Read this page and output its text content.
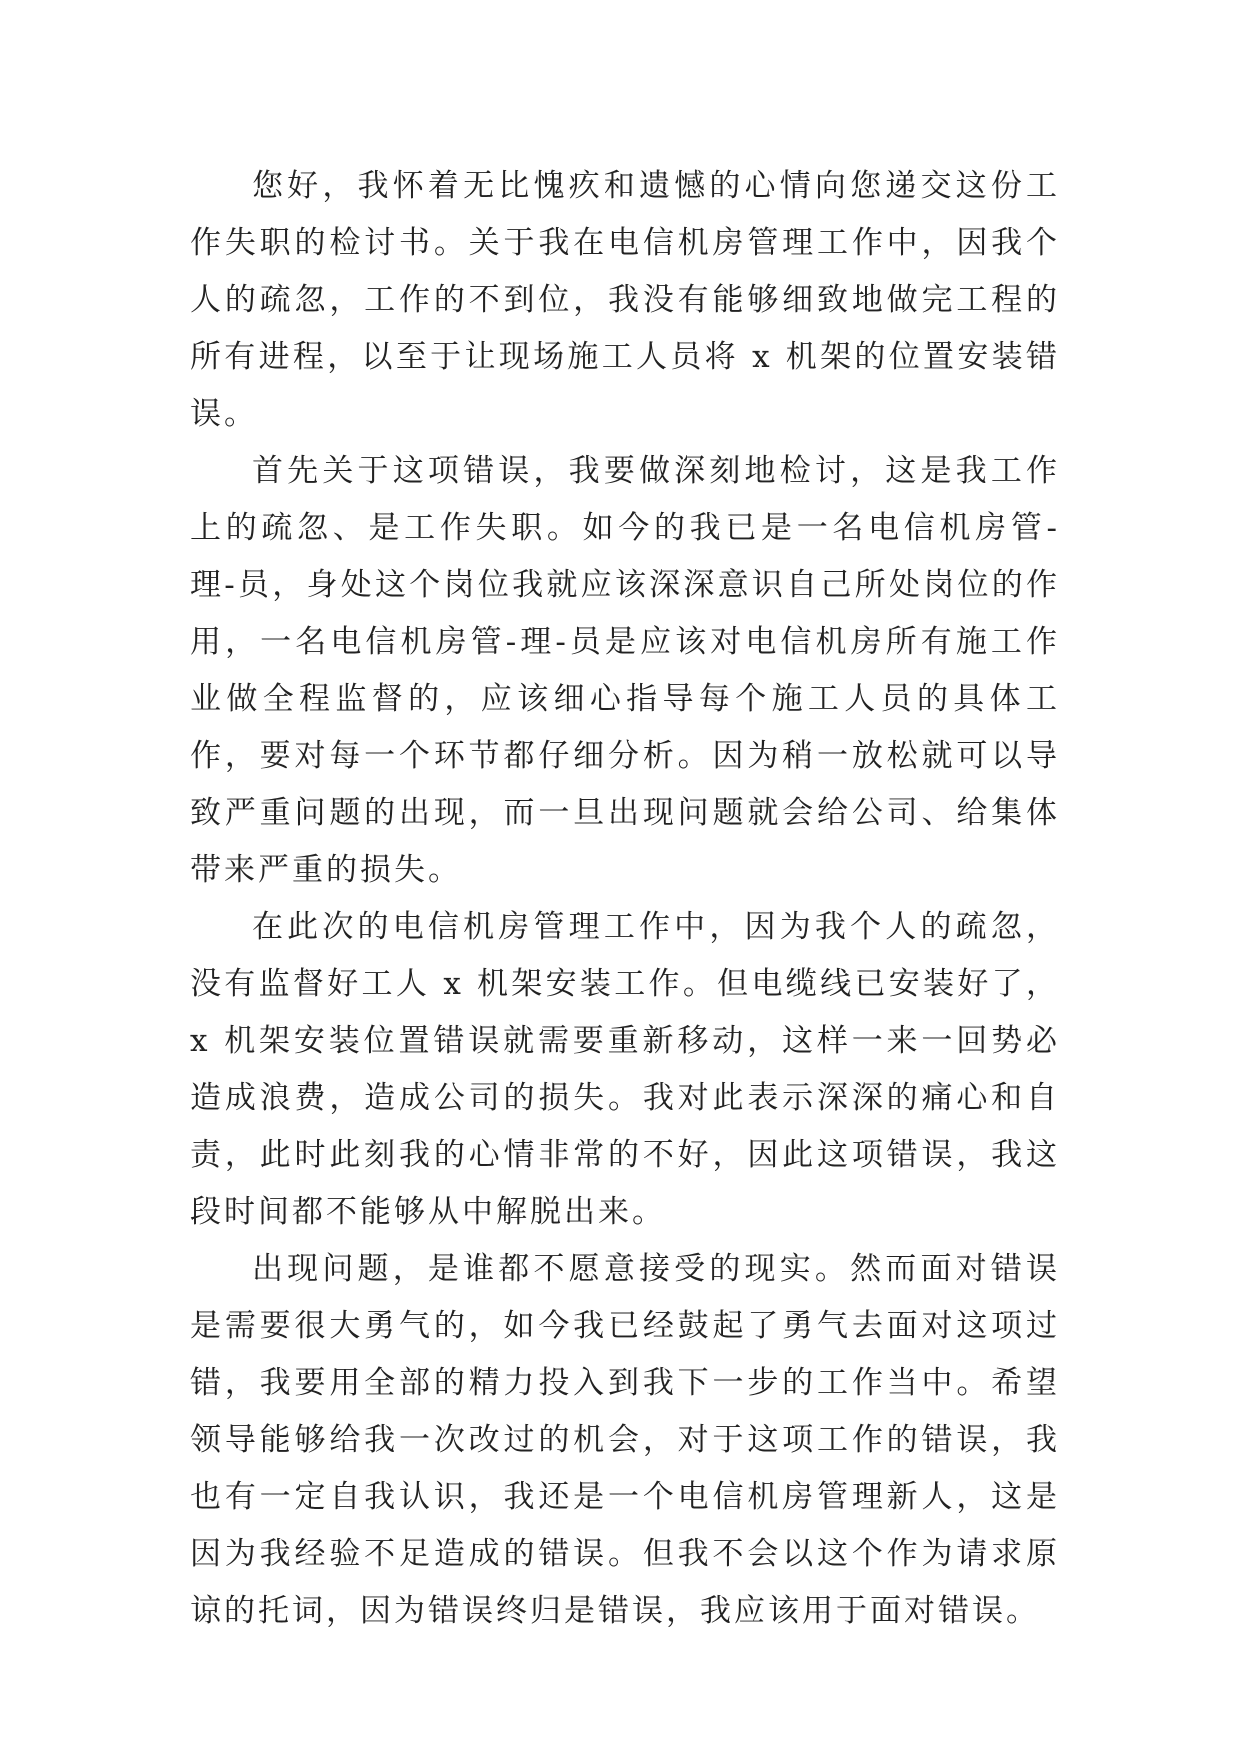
您好，我怀着无比愧疚和遗憾的心情向您递交这份工作失职的检讨书。关于我在电信机房管理工作中，因我个人的疏忽，工作的不到位，我没有能够细致地做完工程的所有进程，以至于让现场施工人员将 x 机架的位置安装错误。

首先关于这项错误，我要做深刻地检讨，这是我工作上的疏忽、是工作失职。如今的我已是一名电信机房管-理-员，身处这个岗位我就应该深深意识自己所处岗位的作用，一名电信机房管-理-员是应该对电信机房所有施工作业做全程监督的，应该细心指导每个施工人员的具体工作，要对每一个环节都仔细分析。因为稍一放松就可以导致严重问题的出现，而一旦出现问题就会给公司、给集体带来严重的损失。

在此次的电信机房管理工作中，因为我个人的疏忽，没有监督好工人 x 机架安装工作。但电缆线已安装好了，x 机架安装位置错误就需要重新移动，这样一来一回势必造成浪费，造成公司的损失。我对此表示深深的痛心和自责，此时此刻我的心情非常的不好，因此这项错误，我这段时间都不能够从中解脱出来。

出现问题，是谁都不愿意接受的现实。然而面对错误是需要很大勇气的，如今我已经鼓起了勇气去面对这项过错，我要用全部的精力投入到我下一步的工作当中。希望领导能够给我一次改过的机会，对于这项工作的错误，我也有一定自我认识，我还是一个电信机房管理新人，这是因为我经验不足造成的错误。但我不会以这个作为请求原谅的托词，因为错误终归是错误，我应该用于面对错误。
